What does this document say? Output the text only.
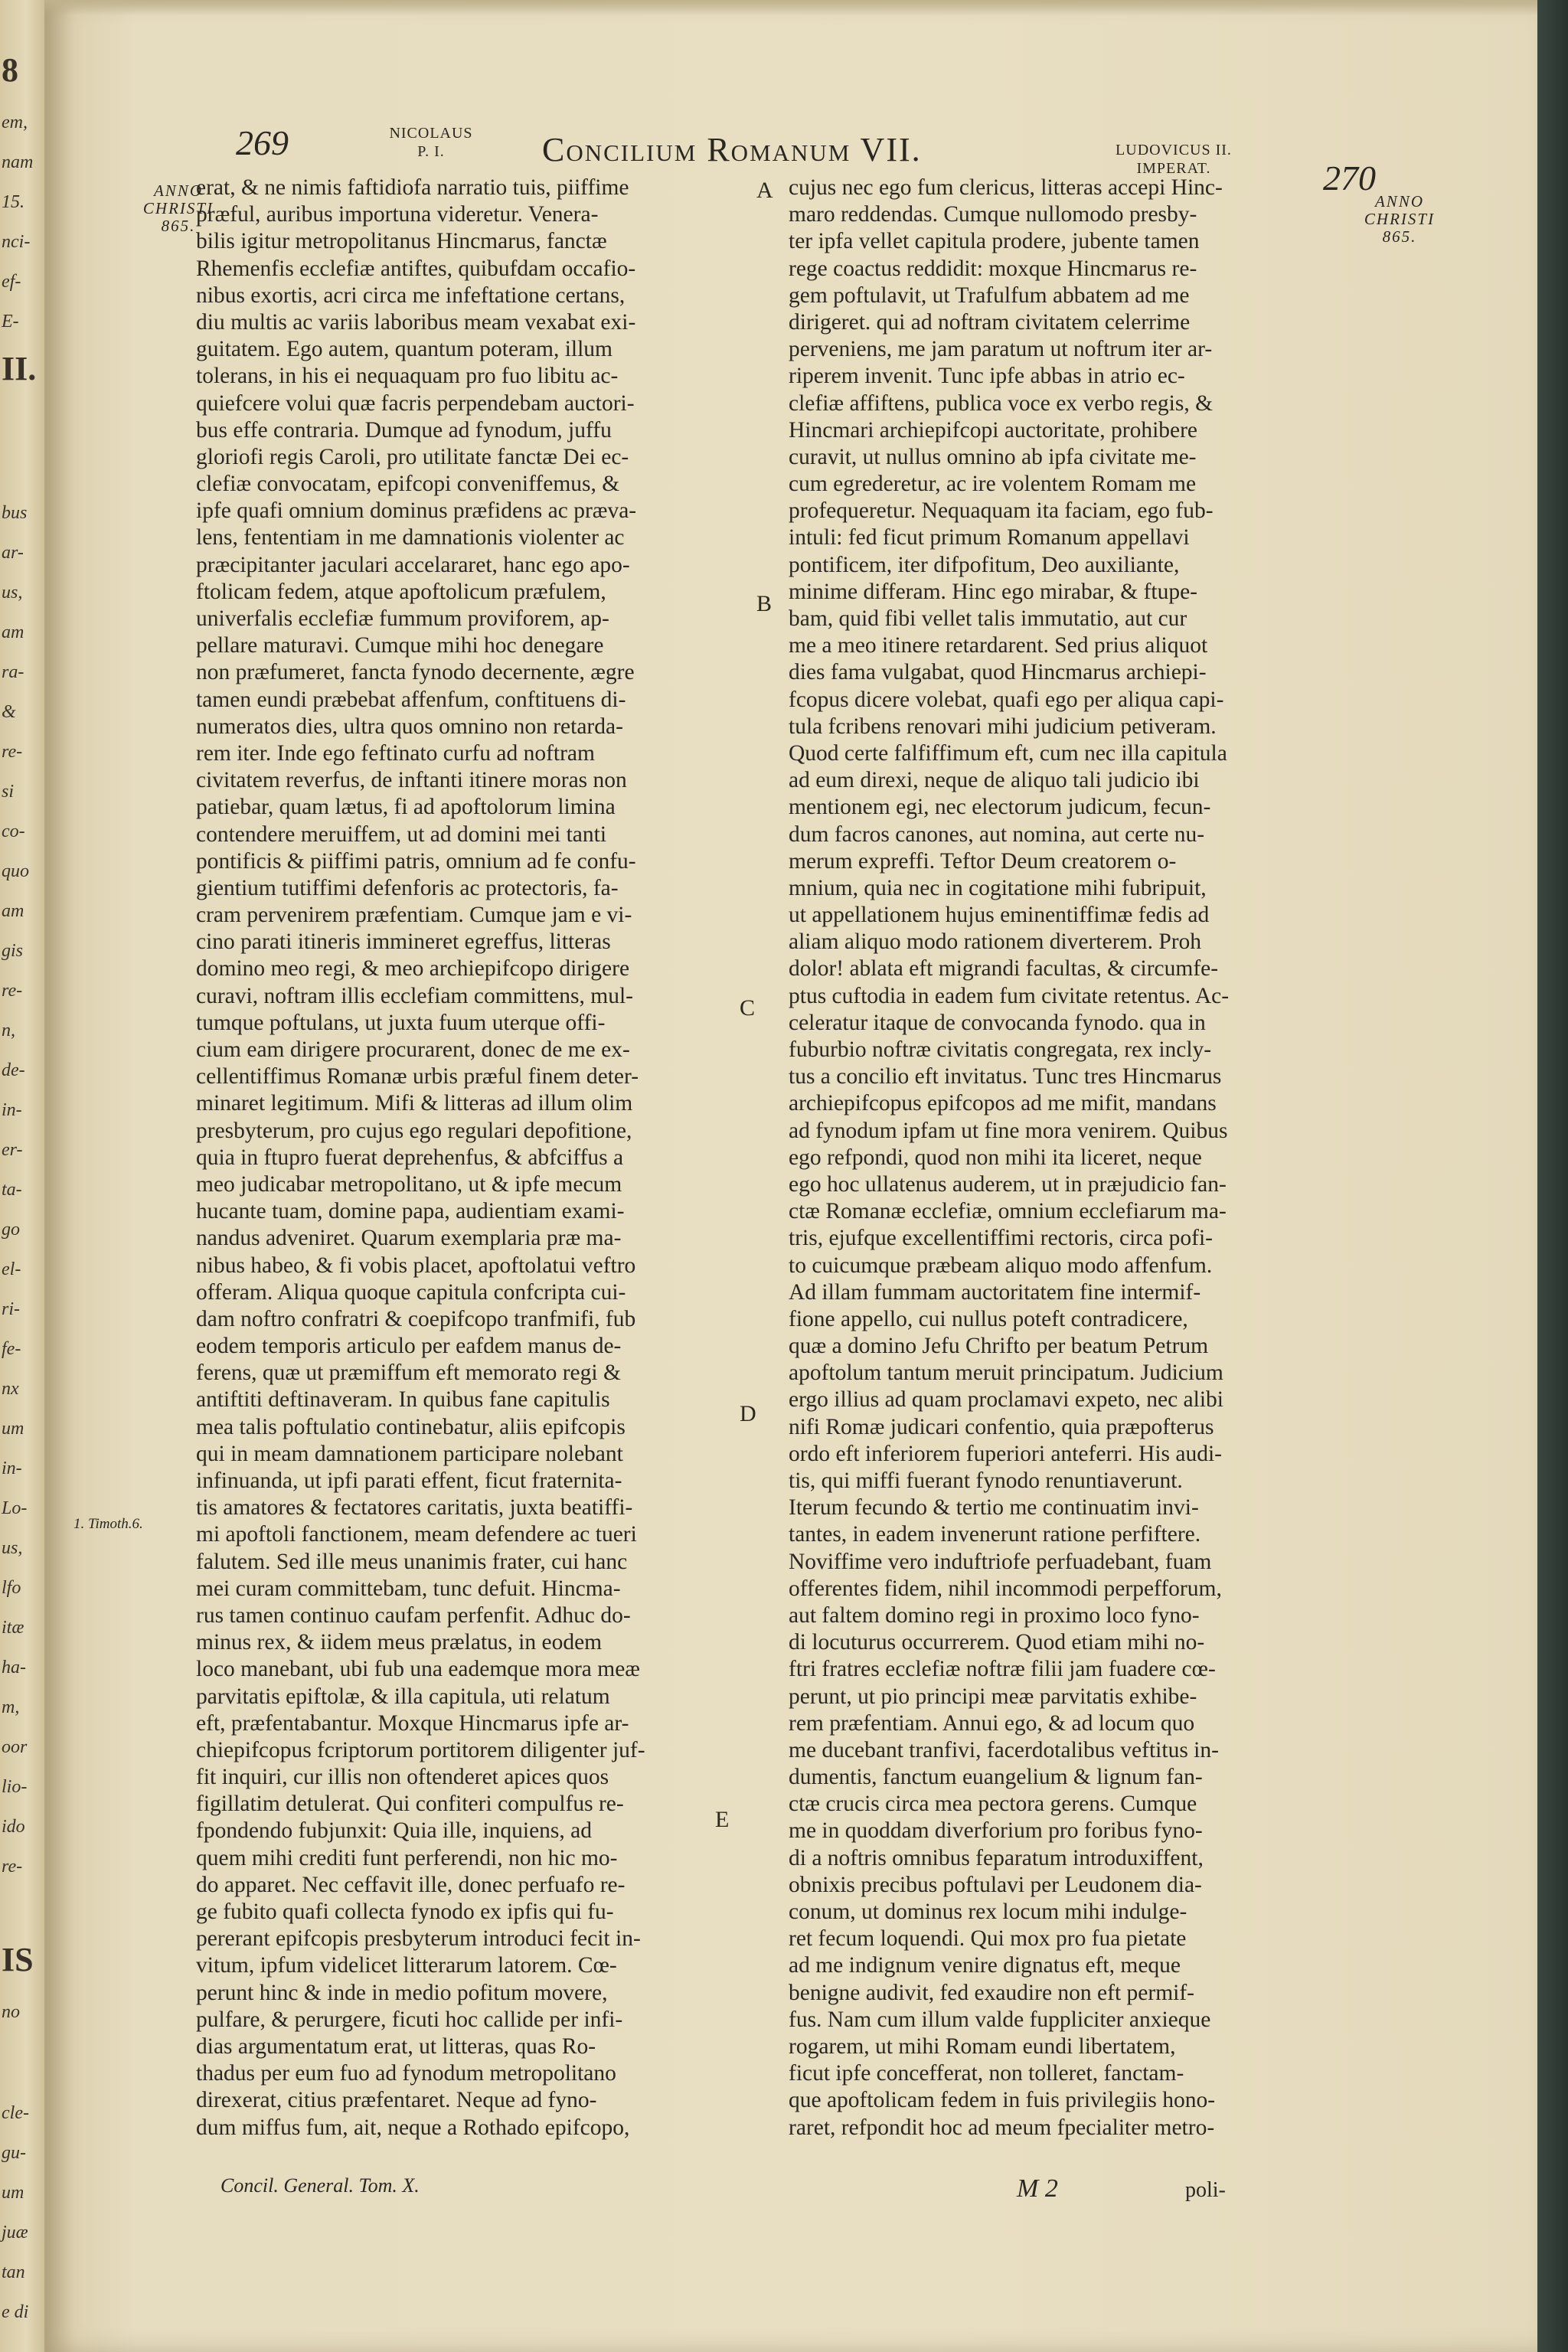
8
em,
nam
15.
nci-
ef-
E-
II.
bus
ar-
us,
am
ra-
&
re-
si
co-
quo
am
gis
re-
n,
de-
in-
er-
ta-
go
el-
ri-
fe-
nx
um
in-
Lo-
us,
lfo
itæ
ha-
m,
oor
lio-
ido
re-
IS
no
cle-
gu-
um
juæ
tan
e di
269	NICOLAUS
P. I.	Concilium Romanum VII.	LUDOVICUS II.
IMPERAT.	270
ANNO
CHRISTI
865.
ANNO
CHRISTI
865.
1. Timoth.6.
A
B
C
D
E
erat, & ne nimis faftidiofa narratio tuis, piiffime
præful, auribus importuna videretur. Venera-
bilis igitur metropolitanus Hincmarus, fanctæ
Rhemenfis ecclefiæ antiftes, quibufdam occafio-
nibus exortis, acri circa me infeftatione certans,
diu multis ac variis laboribus meam vexabat exi-
guitatem. Ego autem, quantum poteram, illum
tolerans, in his ei nequaquam pro fuo libitu ac-
quiefcere volui quæ facris perpendebam auctori-
bus effe contraria. Dumque ad fynodum, juffu
gloriofi regis Caroli, pro utilitate fanctæ Dei ec-
clefiæ convocatam, epifcopi conveniffemus, &
ipfe quafi omnium dominus præfidens ac præva-
lens, fententiam in me damnationis violenter ac
præcipitanter jaculari accelararet, hanc ego apo-
ftolicam fedem, atque apoftolicum præfulem,
univerfalis ecclefiæ fummum proviforem, ap-
pellare maturavi. Cumque mihi hoc denegare
non præfumeret, fancta fynodo decernente, ægre
tamen eundi præbebat affenfum, conftituens di-
numeratos dies, ultra quos omnino non retarda-
rem iter. Inde ego feftinato curfu ad noftram
civitatem reverfus, de inftanti itinere moras non
patiebar, quam lætus, fi ad apoftolorum limina
contendere meruiffem, ut ad domini mei tanti
pontificis & piiffimi patris, omnium ad fe confu-
gientium tutiffimi defenforis ac protectoris, fa-
cram pervenirem præfentiam. Cumque jam e vi-
cino parati itineris immineret egreffus, litteras
domino meo regi, & meo archiepifcopo dirigere
curavi, noftram illis ecclefiam committens, mul-
tumque poftulans, ut juxta fuum uterque offi-
cium eam dirigere procurarent, donec de me ex-
cellentiffimus Romanæ urbis præful finem deter-
minaret legitimum. Mifi & litteras ad illum olim
presbyterum, pro cujus ego regulari depofitione,
quia in ftupro fuerat deprehenfus, & abfciffus a
meo judicabar metropolitano, ut & ipfe mecum
hucante tuam, domine papa, audientiam exami-
nandus adveniret. Quarum exemplaria præ ma-
nibus habeo, & fi vobis placet, apoftolatui veftro
offeram. Aliqua quoque capitula confcripta cui-
dam noftro confratri & coepifcopo tranfmifi, fub
eodem temporis articulo per eafdem manus de-
ferens, quæ ut præmiffum eft memorato regi &
antiftiti deftinaveram. In quibus fane capitulis
mea talis poftulatio continebatur, aliis epifcopis
qui in meam damnationem participare nolebant
infinuanda, ut ipfi parati effent, ficut fraternita-
tis amatores & fectatores caritatis, juxta beatiffi-
mi apoftoli fanctionem, meam defendere ac tueri
falutem. Sed ille meus unanimis frater, cui hanc
mei curam committebam, tunc defuit. Hincma-
rus tamen continuo caufam perfenfit. Adhuc do-
minus rex, & iidem meus prælatus, in eodem
loco manebant, ubi fub una eademque mora meæ
parvitatis epiftolæ, & illa capitula, uti relatum
eft, præfentabantur. Moxque Hincmarus ipfe ar-
chiepifcopus fcriptorum portitorem diligenter juf-
fit inquiri, cur illis non oftenderet apices quos
figillatim detulerat. Qui confiteri compulfus re-
fpondendo fubjunxit: Quia ille, inquiens, ad
quem mihi crediti funt perferendi, non hic mo-
do apparet. Nec ceffavit ille, donec perfuafo re-
ge fubito quafi collecta fynodo ex ipfis qui fu-
pererant epifcopis presbyterum introduci fecit in-
vitum, ipfum videlicet litterarum latorem. Cœ-
perunt hinc & inde in medio pofitum movere,
pulfare, & perurgere, ficuti hoc callide per infi-
dias argumentatum erat, ut litteras, quas Ro-
thadus per eum fuo ad fynodum metropolitano
direxerat, citius præfentaret. Neque ad fyno-
dum miffus fum, ait, neque a Rothado epifcopo,
cujus nec ego fum clericus, litteras accepi Hinc-
maro reddendas. Cumque nullomodo presby-
ter ipfa vellet capitula prodere, jubente tamen
rege coactus reddidit: moxque Hincmarus re-
gem poftulavit, ut Trafulfum abbatem ad me
dirigeret. qui ad noftram civitatem celerrime
perveniens, me jam paratum ut noftrum iter ar-
riperem invenit. Tunc ipfe abbas in atrio ec-
clefiæ affiftens, publica voce ex verbo regis, &
Hincmari archiepifcopi auctoritate, prohibere
curavit, ut nullus omnino ab ipfa civitate me-
cum egrederetur, ac ire volentem Romam me
profequeretur. Nequaquam ita faciam, ego fub-
intuli: fed ficut primum Romanum appellavi
pontificem, iter difpofitum, Deo auxiliante,
minime differam. Hinc ego mirabar, & ftupe-
bam, quid fibi vellet talis immutatio, aut cur
me a meo itinere retardarent. Sed prius aliquot
dies fama vulgabat, quod Hincmarus archiepi-
fcopus dicere volebat, quafi ego per aliqua capi-
tula fcribens renovari mihi judicium petiveram.
Quod certe falfiffimum eft, cum nec illa capitula
ad eum direxi, neque de aliquo tali judicio ibi
mentionem egi, nec electorum judicum, fecun-
dum facros canones, aut nomina, aut certe nu-
merum expreffi. Teftor Deum creatorem o-
mnium, quia nec in cogitatione mihi fubripuit,
ut appellationem hujus eminentiffimæ fedis ad
aliam aliquo modo rationem diverterem. Proh
dolor! ablata eft migrandi facultas, & circumfe-
ptus cuftodia in eadem fum civitate retentus. Ac-
celeratur itaque de convocanda fynodo. qua in
fuburbio noftræ civitatis congregata, rex incly-
tus a concilio eft invitatus. Tunc tres Hincmarus
archiepifcopus epifcopos ad me mifit, mandans
ad fynodum ipfam ut fine mora venirem. Quibus
ego refpondi, quod non mihi ita liceret, neque
ego hoc ullatenus auderem, ut in præjudicio fan-
ctæ Romanæ ecclefiæ, omnium ecclefiarum ma-
tris, ejufque excellentiffimi rectoris, circa pofi-
to cuicumque præbeam aliquo modo affenfum.
Ad illam fummam auctoritatem fine intermif-
fione appello, cui nullus poteft contradicere,
quæ a domino Jefu Chrifto per beatum Petrum
apoftolum tantum meruit principatum. Judicium
ergo illius ad quam proclamavi expeto, nec alibi
nifi Romæ judicari confentio, quia præpofterus
ordo eft inferiorem fuperiori anteferri. His audi-
tis, qui miffi fuerant fynodo renuntiaverunt.
Iterum fecundo & tertio me continuatim invi-
tantes, in eadem invenerunt ratione perfiftere.
Noviffime vero induftriofe perfuadebant, fuam
offerentes fidem, nihil incommodi perpefforum,
aut faltem domino regi in proximo loco fyno-
di locuturus occurrerem. Quod etiam mihi no-
ftri fratres ecclefiæ noftræ filii jam fuadere cœ-
perunt, ut pio principi meæ parvitatis exhibe-
rem præfentiam. Annui ego, & ad locum quo
me ducebant tranfivi, facerdotalibus veftitus in-
dumentis, fanctum euangelium & lignum fan-
ctæ crucis circa mea pectora gerens. Cumque
me in quoddam diverforium pro foribus fyno-
di a noftris omnibus feparatum introduxiffent,
obnixis precibus poftulavi per Leudonem dia-
conum, ut dominus rex locum mihi indulge-
ret fecum loquendi. Qui mox pro fua pietate
ad me indignum venire dignatus eft, meque
benigne audivit, fed exaudire non eft permif-
fus. Nam cum illum valde fuppliciter anxieque
rogarem, ut mihi Romam eundi libertatem,
ficut ipfe concefferat, non tolleret, fanctam-
que apoftolicam fedem in fuis privilegiis hono-
raret, refpondit hoc ad meum fpecialiter metro-
Concil. General. Tom. X.	M 2	poli-
